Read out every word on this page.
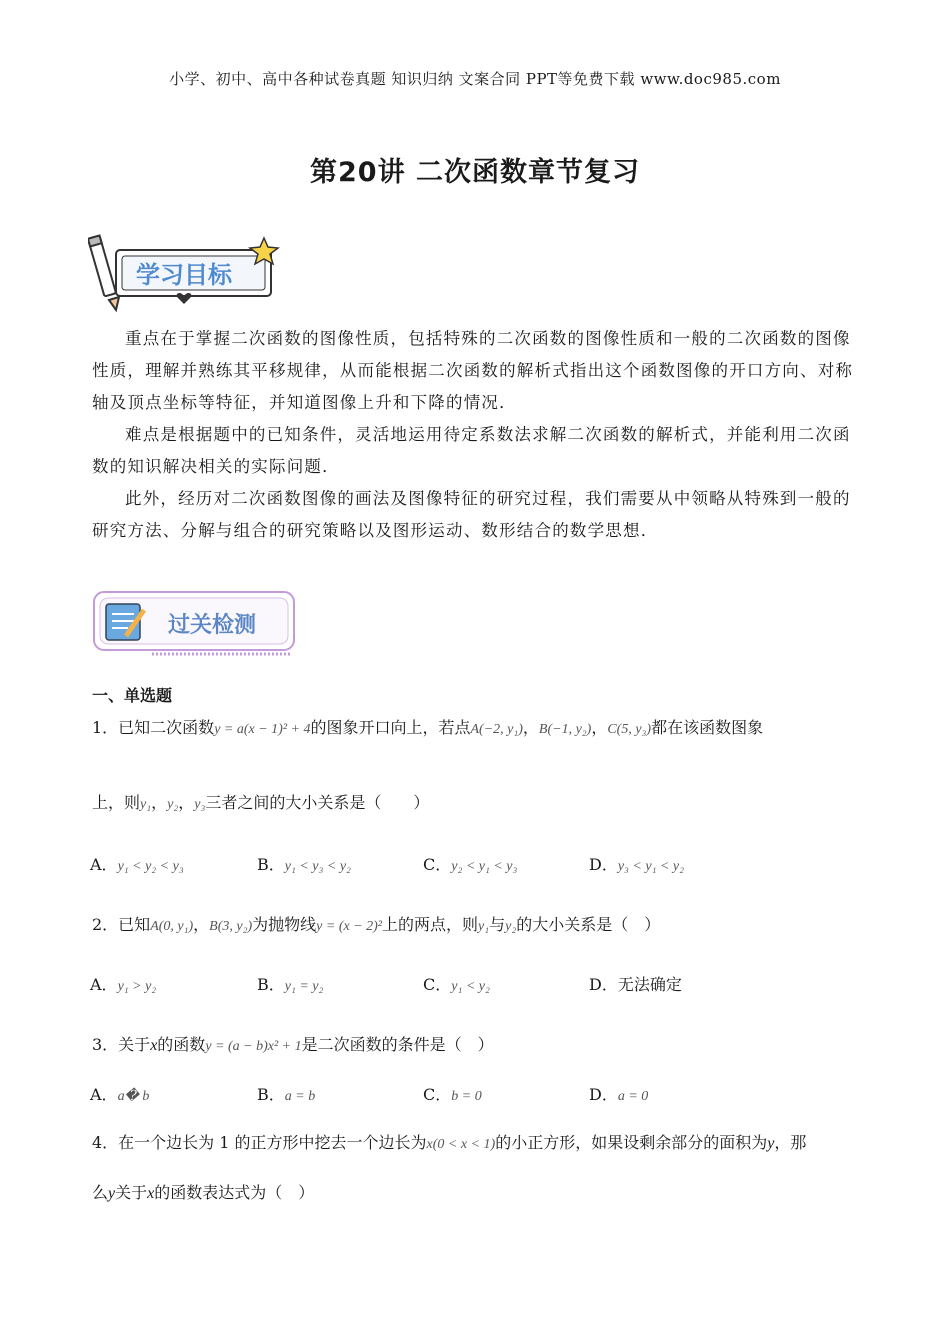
小学、初中、高中各种试卷真题 知识归纳 文案合同 PPT等免费下载 www.doc985.com
第20讲 二次函数章节复习
学习目标
重点在于掌握二次函数的图像性质，包括特殊的二次函数的图像性质和一般的二次函数的图像性质，理解并熟练其平移规律，从而能根据二次函数的解析式指出这个函数图像的开口方向、对称轴及顶点坐标等特征，并知道图像上升和下降的情况．
难点是根据题中的已知条件，灵活地运用待定系数法求解二次函数的解析式，并能利用二次函数的知识解决相关的实际问题．
此外，经历对二次函数图像的画法及图像特征的研究过程，我们需要从中领略从特殊到一般的研究方法、分解与组合的研究策略以及图形运动、数形结合的数学思想．
过关检测
一、单选题
1．已知二次函数y = a(x − 1)² + 4的图象开口向上，若点A(−2, y₁)，B(−1, y₂)，C(5, y₃)都在该函数图象
上，则y₁，y₂，y₃三者之间的大小关系是（　　）
A．y₁ < y₂ < y₃	B．y₁ < y₃ < y₂	C．y₂ < y₁ < y₃	D．y₃ < y₁ < y₂
2．已知A(0, y₁)，B(3, y₂)为抛物线y = (x − 2)²上的两点，则y₁与y₂的大小关系是（　）
A．y₁ > y₂	B．y₁ = y₂	C．y₁ < y₂	D．无法确定
3．关于x的函数y = (a − b)x² + 1是二次函数的条件是（　）
A．a� b	B．a = b	C．b = 0	D．a = 0
4．在一个边长为 1 的正方形中挖去一个边长为x(0 < x < 1)的小正方形，如果设剩余部分的面积为y，那
么y关于x的函数表达式为（　）
